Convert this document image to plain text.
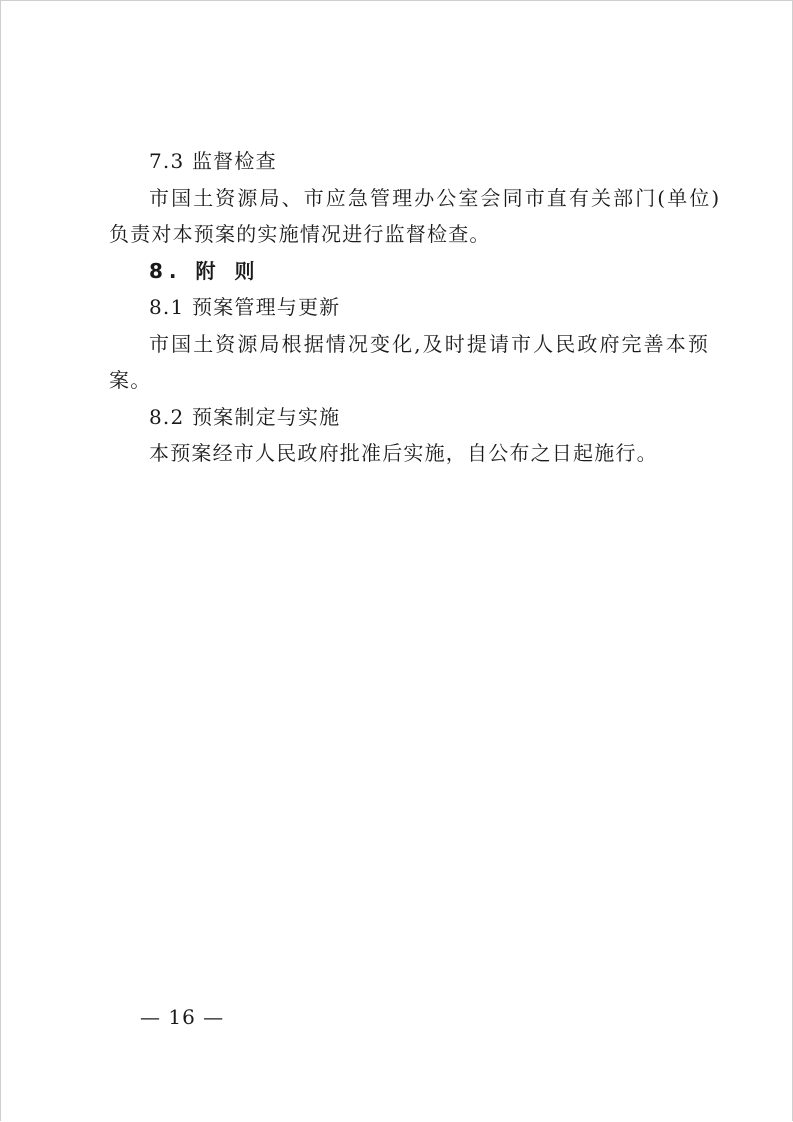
7.3 监督检查
市国土资源局、市应急管理办公室会同市直有关部门(单位)
负责对本预案的实施情况进行监督检查。
8. 附 则
8.1 预案管理与更新
市国土资源局根据情况变化,及时提请市人民政府完善本预
案。
8.2 预案制定与实施
本预案经市人民政府批准后实施，自公布之日起施行。
— 16 —
